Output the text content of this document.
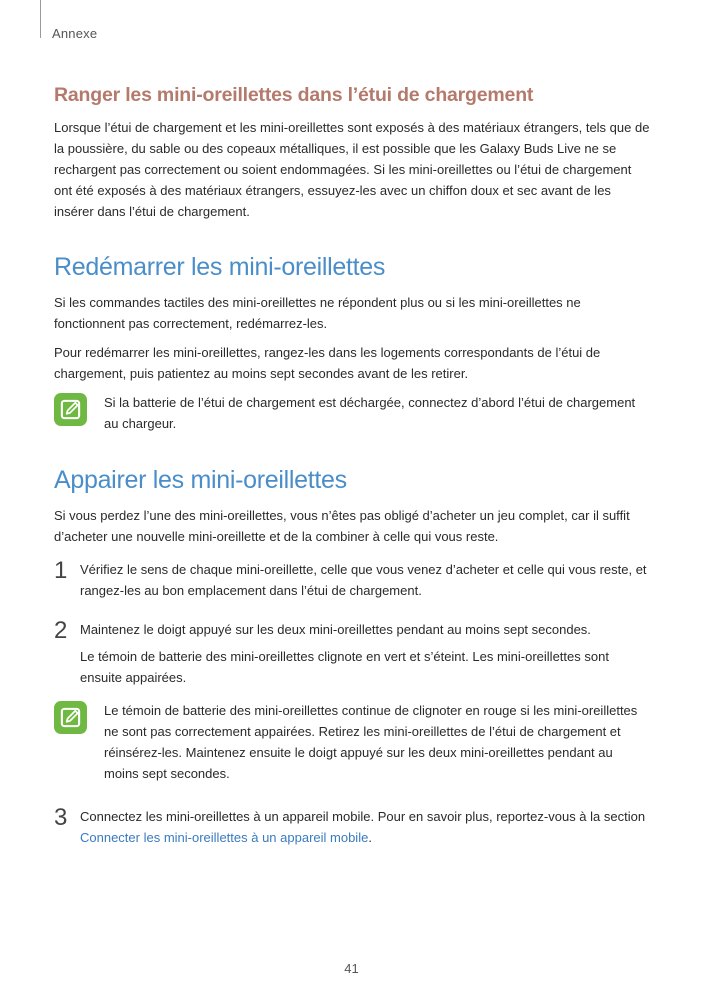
Annexe
Ranger les mini-oreillettes dans l’étui de chargement

Lorsque l’étui de chargement et les mini-oreillettes sont exposés à des matériaux étrangers, tels que de la poussière, du sable ou des copeaux métalliques, il est possible que les Galaxy Buds Live ne se rechargent pas correctement ou soient endommagées. Si les mini-oreillettes ou l’étui de chargement ont été exposés à des matériaux étrangers, essuyez-les avec un chiffon doux et sec avant de les insérer dans l’étui de chargement.

Redémarrer les mini-oreillettes

Si les commandes tactiles des mini-oreillettes ne répondent plus ou si les mini-oreillettes ne fonctionnent pas correctement, redémarrez-les.

Pour redémarrer les mini-oreillettes, rangez-les dans les logements correspondants de l’étui de chargement, puis patientez au moins sept secondes avant de les retirer.

Si la batterie de l’étui de chargement est déchargée, connectez d’abord l’étui de chargement au chargeur.
Appairer les mini-oreillettes

Si vous perdez l’une des mini-oreillettes, vous n’êtes pas obligé d’acheter un jeu complet, car il suffit d’acheter une nouvelle mini-oreillette et de la combiner à celle qui vous reste.

1 Vérifiez le sens de chaque mini-oreillette, celle que vous venez d’acheter et celle qui vous reste, et rangez-les au bon emplacement dans l’étui de chargement.

2 Maintenez le doigt appuyé sur les deux mini-oreillettes pendant au moins sept secondes.

Le témoin de batterie des mini-oreillettes clignote en vert et s’éteint. Les mini-oreillettes sont ensuite appairées.

Le témoin de batterie des mini-oreillettes continue de clignoter en rouge si les mini-oreillettes ne sont pas correctement appairées. Retirez les mini-oreillettes de l’étui de chargement et réinsérez-les. Maintenez ensuite le doigt appuyé sur les deux mini-oreillettes pendant au moins sept secondes.
3 Connectez les mini-oreillettes à un appareil mobile. Pour en savoir plus, reportez-vous à la section Connecter les mini-oreillettes à un appareil mobile.

41
